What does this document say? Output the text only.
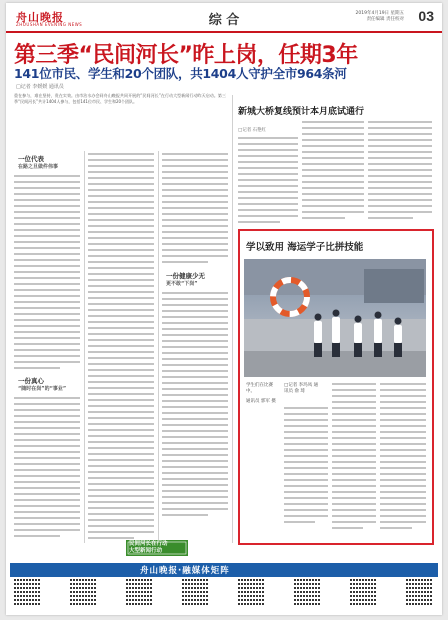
舟山晚报
ZHOUSHAN EVENING NEWS	综 合	2019年4月19日 星期五
责任编辑 责任校对 03
第三季“民间河长”昨上岗，任期3年
141位市民、学生和20个团队，共1404人守护全市964条河
□记者 李媛媛 通讯员
重在参与，难在坚持，贵在实效。由市治水办会同舟山晚报共同开展的“民间河长”在行动大型新闻行动昨天启动。第三季“民间河长”共计1404人参与，包括141位市民、学生和20个团队。
一位代表
在路之旦做件伟事
一份真心
“随时在岗”的“事业”
一份健康少无
更不敢“下岗”
民间河长在行动
大型新闻行动
新城大桥复线预计本月底试通行
□记者 石艳红
学以致用 海运学子比拼技能
学生们在比赛中。
通讯员 郭军 摄
□记者 李玛凤 通讯员 俞 琦
舟山晚报·融媒体矩阵
